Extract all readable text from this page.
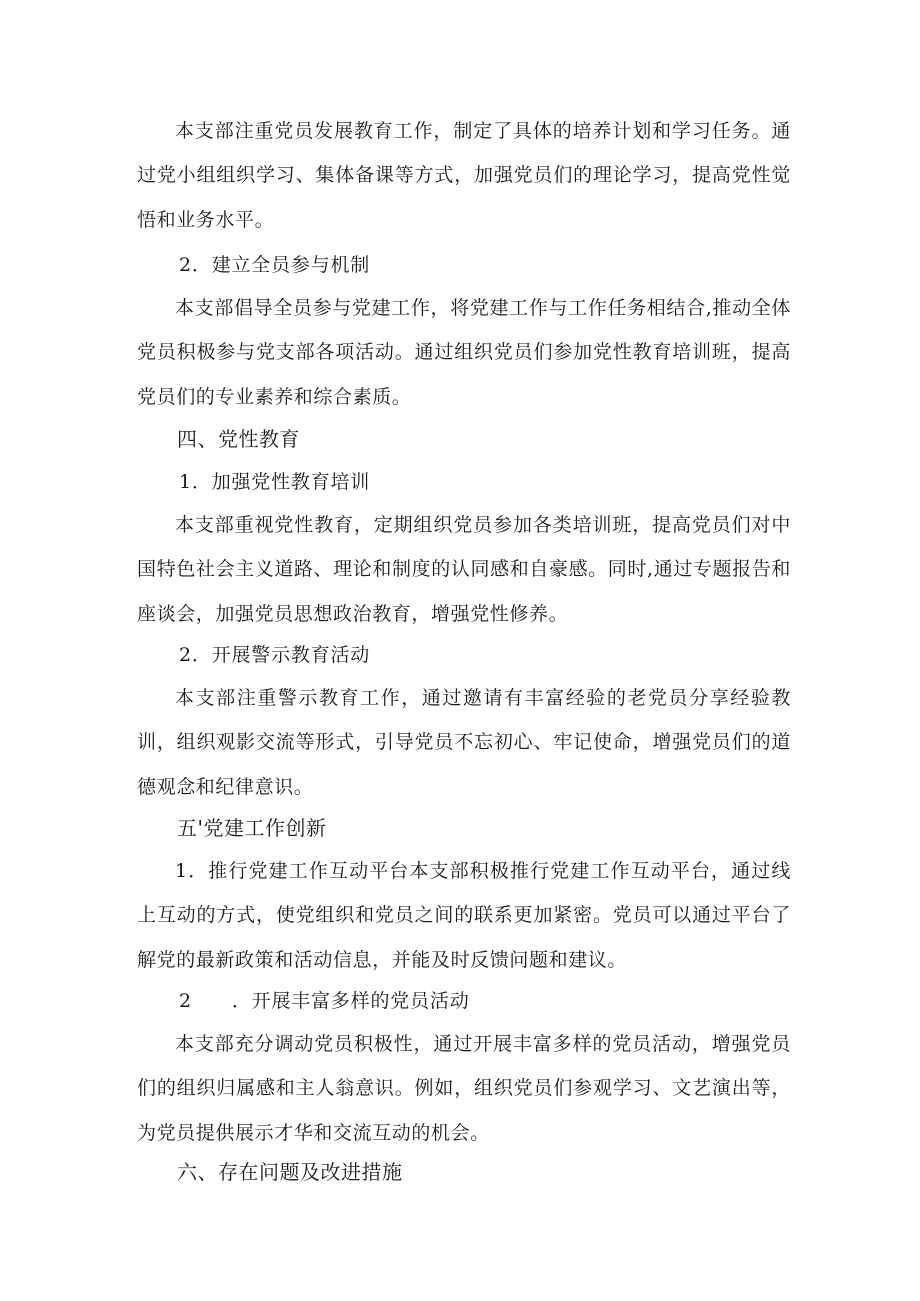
本支部注重党员发展教育工作，制定了具体的培养计划和学习任务。通过党小组组织学习、集体备课等方式，加强党员们的理论学习，提高党性觉悟和业务水平。

2．建立全员参与机制

本支部倡导全员参与党建工作，将党建工作与工作任务相结合,推动全体党员积极参与党支部各项活动。通过组织党员们参加党性教育培训班，提高党员们的专业素养和综合素质。

四、党性教育
1．加强党性教育培训

本支部重视党性教育，定期组织党员参加各类培训班，提高党员们对中国特色社会主义道路、理论和制度的认同感和自豪感。同时,通过专题报告和座谈会，加强党员思想政治教育，增强党性修养。

2．开展警示教育活动

本支部注重警示教育工作，通过邀请有丰富经验的老党员分享经验教训，组织观影交流等形式，引导党员不忘初心、牢记使命，增强党员们的道德观念和纪律意识。

五'党建工作创新

1．推行党建工作互动平台本支部积极推行党建工作互动平台，通过线上互动的方式，使党组织和党员之间的联系更加紧密。党员可以通过平台了解党的最新政策和活动信息，并能及时反馈问题和建议。

2 ．开展丰富多样的党员活动

本支部充分调动党员积极性，通过开展丰富多样的党员活动，增强党员们的组织归属感和主人翁意识。例如，组织党员们参观学习、文艺演出等，为党员提供展示才华和交流互动的机会。

六、存在问题及改进措施
